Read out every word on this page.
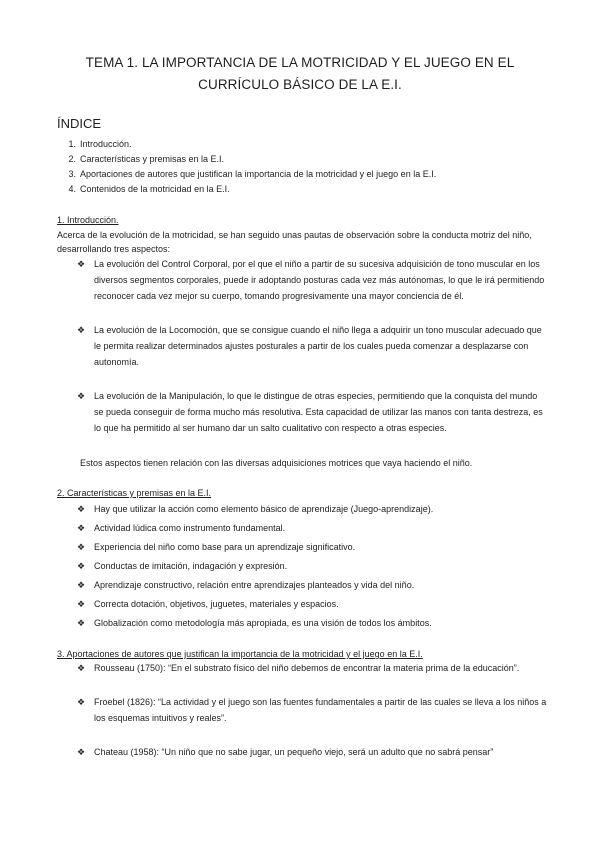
TEMA 1. LA IMPORTANCIA DE LA MOTRICIDAD Y EL JUEGO EN EL
CURRÍCULO BÁSICO DE LA E.I.
ÍNDICE
1. Introducción.
2. Características y premisas en la E.I.
3. Aportaciones de autores que justifican la importancia de la motricidad y el juego en la E.I.
4. Contenidos de la motricidad en la E.I.
1. Introducción.
Acerca de la evolución de la motricidad, se han seguido unas pautas de observación sobre la conducta motriz del niño, desarrollando tres aspectos:
❖ La evolución del Control Corporal, por el que el niño a partir de su sucesiva adquisición de tono muscular en los diversos segmentos corporales, puede ir adoptando posturas cada vez más autónomas, lo que le irá permitiendo reconocer cada vez mejor su cuerpo, tomando progresivamente una mayor conciencia de él.
❖ La evolución de la Locomoción, que se consigue cuando el niño llega a adquirir un tono muscular adecuado que le permita realizar determinados ajustes posturales a partir de los cuales pueda comenzar a desplazarse con autonomía.
❖ La evolución de la Manipulación, lo que le distingue de otras especies, permitiendo que la conquista del mundo se pueda conseguir de forma mucho más resolutiva. Esta capacidad de utilizar las manos con tanta destreza, es lo que ha permitido al ser humano dar un salto cualitativo con respecto a otras especies.
Estos aspectos tienen relación con las diversas adquisiciones motrices que vaya haciendo el niño.
2. Características y premisas en la E.I.
❖ Hay que utilizar la acción como elemento básico de aprendizaje (Juego-aprendizaje).
❖ Actividad lúdica como instrumento fundamental.
❖ Experiencia del niño como base para un aprendizaje significativo.
❖ Conductas de imitación, indagación y expresión.
❖ Aprendizaje constructivo, relación entre aprendizajes planteados y vida del niño.
❖ Correcta dotación, objetivos, juguetes, materiales y espacios.
❖ Globalización como metodología más apropiada, es una visión de todos los ámbitos.
3. Aportaciones de autores que justifican la importancia de la motricidad y el juego en la E.I.
❖ Rousseau (1750): “En el substrato físico del niño debemos de encontrar la materia prima de la educación”.
❖ Froebel (1826): “La actividad y el juego son las fuentes fundamentales a partir de las cuales se lleva a los niños a los esquemas intuitivos y reales”.
❖ Chateau (1958): “Un niño que no sabe jugar, un pequeño viejo, será un adulto que no sabrá pensar”
